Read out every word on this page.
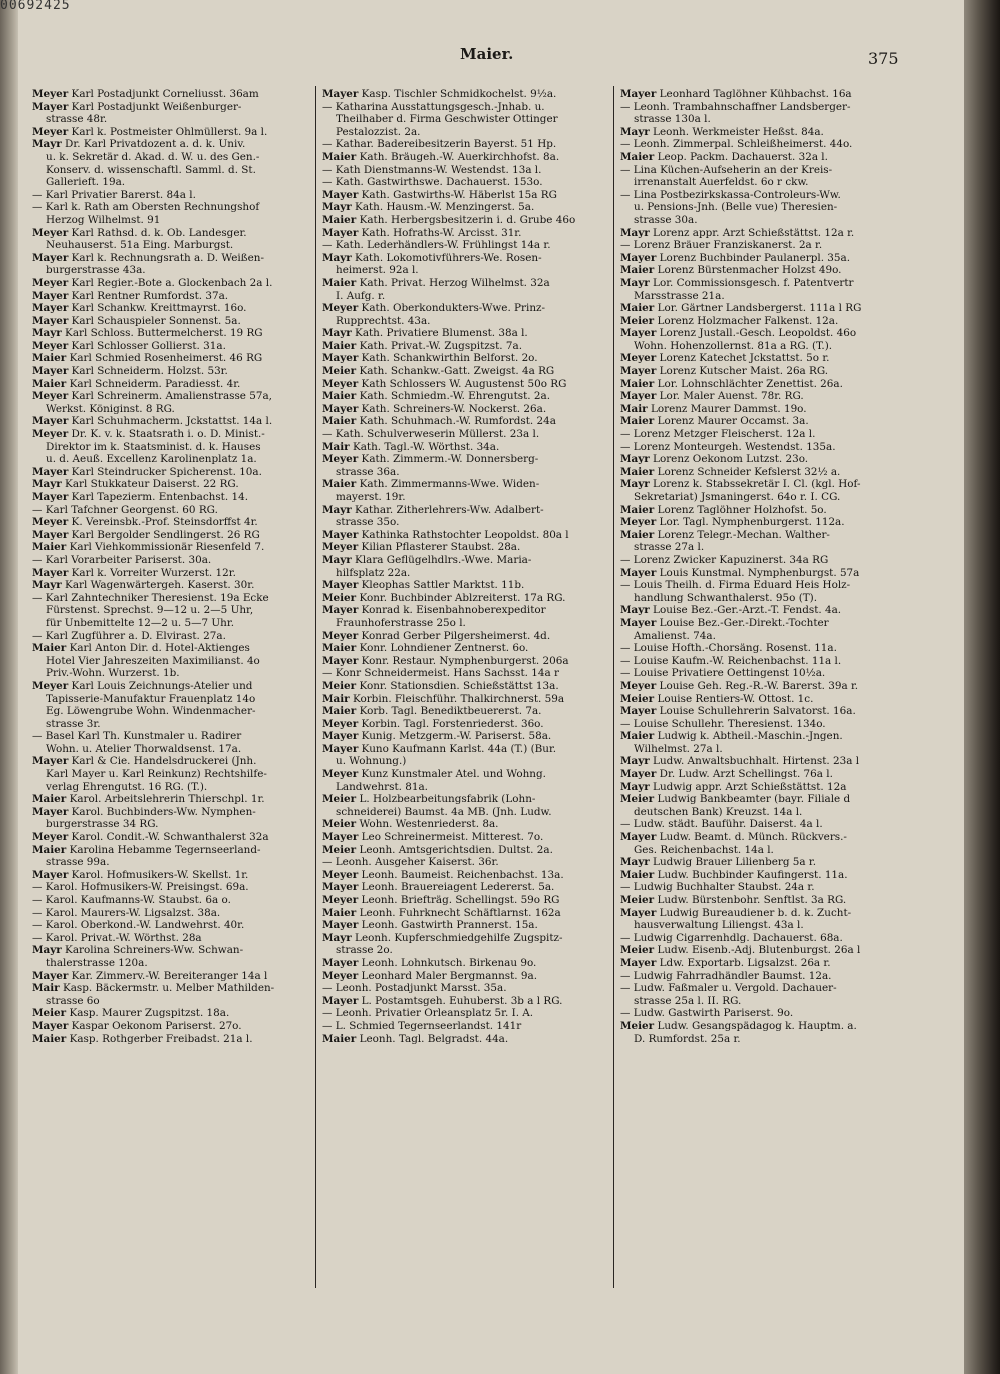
00692425
Maier.	375
Meyer Karl Postadjunkt Corneliusst. 36am
Mayer Karl Postadjunkt Weißenburger-
strasse 48r.
Meyer Karl k. Postmeister Ohlmüllerst. 9a l.
Mayr Dr. Karl Privatdozent a. d. k. Univ.
u. k. Sekretär d. Akad. d. W. u. des Gen.-
Konserv. d. wissenschaftl. Samml. d. St.
Gallerieft. 19a.
— Karl Privatier Barerst. 84a l.
— Karl k. Rath am Obersten Rechnungshof
Herzog Wilhelmst. 91
Meyer Karl Rathsd. d. k. Ob. Landesger.
Neuhauserst. 51a Eing. Marburgst.
Mayer Karl k. Rechnungsrath a. D. Weißen-
burgerstrasse 43a.
Meyer Karl Regier.-Bote a. Glockenbach 2a l.
Mayer Karl Rentner Rumfordst. 37a.
Mayer Karl Schankw. Kreittmayrst. 16o.
Mayer Karl Schauspieler Sonnenst. 5a.
Mayr Karl Schloss. Buttermelcherst. 19 RG
Meyer Karl Schlosser Gollierst. 31a.
Maier Karl Schmied Rosenheimerst. 46 RG
Mayer Karl Schneiderm. Holzst. 53r.
Maier Karl Schneiderm. Paradiesst. 4r.
Meyer Karl Schreinerm. Amalienstrasse 57a,
Werkst. Königinst. 8 RG.
Mayer Karl Schuhmacherm. Jckstattst. 14a l.
Meyer Dr. K. v. k. Staatsrath i. o. D. Minist.-
Direktor im k. Staatsminist. d. k. Hauses
u. d. Aeuß. Excellenz Karolinenplatz 1a.
Mayer Karl Steindrucker Spicherenst. 10a.
Mayr Karl Stukkateur Daiserst. 22 RG.
Mayer Karl Tapezierm. Entenbachst. 14.
— Karl Tafchner Georgenst. 60 RG.
Meyer K. Vereinsbk.-Prof. Steinsdorffst 4r.
Mayer Karl Bergolder Sendlingerst. 26 RG
Maier Karl Viehkommissionär Riesenfeld 7.
— Karl Vorarbeiter Pariserst. 30a.
Mayer Karl k. Vorreiter Wurzerst. 12r.
Mayr Karl Wagenwärtergeh. Kaserst. 30r.
— Karl Zahntechniker Theresienst. 19a Ecke
Fürstenst. Sprechst. 9—12 u. 2—5 Uhr,
für Unbemittelte 12—2 u. 5—7 Uhr.
— Karl Zugführer a. D. Elvirast. 27a.
Maier Karl Anton Dir. d. Hotel-Aktienges
Hotel Vier Jahreszeiten Maximilianst. 4o
Priv.-Wohn. Wurzerst. 1b.
Meyer Karl Louis Zeichnungs-Atelier und
Tapisserie-Manufaktur Frauenplatz 14o
Eg. Löwengrube Wohn. Windenmacher-
strasse 3r.
— Basel Karl Th. Kunstmaler u. Radirer
Wohn. u. Atelier Thorwaldsenst. 17a.
Mayer Karl & Cie. Handelsdruckerei (Jnh.
Karl Mayer u. Karl Reinkunz) Rechtshilfe-
verlag Ehrengutst. 16 RG. (T.).
Maier Karol. Arbeitslehrerin Thierschpl. 1r.
Mayer Karol. Buchbinders-Ww. Nymphen-
burgerstrasse 34 RG.
Meyer Karol. Condit.-W. Schwanthalerst 32a
Maier Karolina Hebamme Tegernseerland-
strasse 99a.
Mayer Karol. Hofmusikers-W. Skellst. 1r.
— Karol. Hofmusikers-W. Preisingst. 69a.
— Karol. Kaufmanns-W. Staubst. 6a o.
— Karol. Maurers-W. Ligsalzst. 38a.
— Karol. Oberkond.-W. Landwehrst. 40r.
— Karol. Privat.-W. Wörthst. 28a
Mayr Karolina Schreiners-Ww. Schwan-
thalerstrasse 120a.
Mayer Kar. Zimmerv.-W. Bereiteranger 14a l
Mair Kasp. Bäckermstr. u. Melber Mathilden-
strasse 6o
Meier Kasp. Maurer Zugspitzst. 18a.
Mayer Kaspar Oekonom Pariserst. 27o.
Maier Kasp. Rothgerber Freibadst. 21a l.
Mayer Kasp. Tischler Schmidkochelst. 9½a.
— Katharina Ausstattungsgesch.-Jnhab. u.
Theilhaber d. Firma Geschwister Ottinger
Pestalozzist. 2a.
— Kathar. Badereibesitzerin Bayerst. 51 Hp.
Maier Kath. Bräugeh.-W. Auerkirchhofst. 8a.
— Kath Dienstmanns-W. Westendst. 13a l.
— Kath. Gastwirthswe. Dachauerst. 153o.
Mayer Kath. Gastwirths-W. Häberlst 15a RG
Mayr Kath. Hausm.-W. Menzingerst. 5a.
Maier Kath. Herbergsbesitzerin i. d. Grube 46o
Mayer Kath. Hofraths-W. Arcisst. 31r.
— Kath. Lederhändlers-W. Frühlingst 14a r.
Mayr Kath. Lokomotivführers-We. Rosen-
heimerst. 92a l.
Maier Kath. Privat. Herzog Wilhelmst. 32a
I. Aufg. r.
Meyer Kath. Oberkonduktеrs-Wwe. Prinz-
Rupprechtst. 43a.
Mayr Kath. Privatiere Blumenst. 38a l.
Maier Kath. Privat.-W. Zugspitzst. 7a.
Mayer Kath. Schankwirthin Belforst. 2o.
Meier Kath. Schankw.-Gatt. Zweigst. 4a RG
Meyer Kath Schlossers W. Augustenst 50o RG
Maier Kath. Schmiedm.-W. Ehrengutst. 2a.
Mayer Kath. Schreiners-W. Nockerst. 26a.
Maier Kath. Schuhmach.-W. Rumfordst. 24a
— Kath. Schulverweserin Müllerst. 23a l.
Mair Kath. Tagl.-W. Wörthst. 34a.
Meyer Kath. Zimmerm.-W. Donnersberg-
strasse 36a.
Maier Kath. Zimmermanns-Wwe. Widen-
mayerst. 19r.
Mayr Kathar. Zitherlehrers-Ww. Adalbert-
strasse 35o.
Mayer Kathinka Rathstochter Leopoldst. 80a l
Meyer Kilian Pflasterer Staubst. 28a.
Mayr Klara Geflügelhdlrs.-Wwe. Maria-
hilfsplatz 22a.
Mayer Kleophas Sattler Marktst. 11b.
Meier Konr. Buchbinder Ablzreiterst. 17a RG.
Mayer Konrad k. Eisenbahnoberexpeditor
Fraunhoferstrasse 25o l.
Meyer Konrad Gerber Pilgersheimerst. 4d.
Maier Konr. Lohndiener Zentnerst. 6o.
Mayer Konr. Restaur. Nymphenburgerst. 206a
— Konr Schneidermeist. Hans Sachsst. 14a r
Meier Konr. Stationsdien. Schießstättst 13a.
Mair Korbin. Fleischführ. Thalkirchnerst. 59a
Maier Korb. Tagl. Benediktbeuererst. 7a.
Meyer Korbin. Tagl. Forstenriederst. 36o.
Mayer Kunig. Metzgerm.-W. Pariserst. 58a.
Mayer Kuno Kaufmann Karlst. 44a (T.) (Bur.
u. Wohnung.)
Meyer Kunz Kunstmaler Atel. und Wohng.
Landwehrst. 81a.
Meier L. Holzbearbeitungsfabrik (Lohn-
schneiderei) Baumst. 4a MB. (Jnh. Ludw.
Meier Wohn. Westenriederst. 8a.
Mayer Leo Schreinermeist. Mitterest. 7o.
Meier Leonh. Amtsgerichtsdien. Dultst. 2a.
— Leonh. Ausgeher Kaiserst. 36r.
Meyer Leonh. Baumeist. Reichenbachst. 13a.
Mayer Leonh. Brauereiagent Ledererst. 5a.
Meyer Leonh. Briefträg. Schellingst. 59o RG
Maier Leonh. Fuhrknecht Schäftlarnst. 162a
Mayer Leonh. Gastwirth Prannerst. 15a.
Mayr Leonh. Kupferschmiedgehilfe Zugspitz-
strasse 2o.
Mayer Leonh. Lohnkutsch. Birkenau 9o.
Meyer Leonhard Maler Bergmannst. 9a.
— Leonh. Postadjunkt Marsst. 35a.
Mayer L. Postamtsgeh. Euhuberst. 3b a l RG.
— Leonh. Privatier Orleansplatz 5r. I. A.
— L. Schmied Tegernseerlandst. 141r
Maier Leonh. Tagl. Belgradst. 44a.
Mayer Leonhard Taglöhner Kühbachst. 16a
— Leonh. Trambahnschaffner Landsberger-
strasse 130a l.
Mayr Leonh. Werkmeister Heßst. 84a.
— Leonh. Zimmerpal. Schleißheimerst. 44o.
Maier Leop. Packm. Dachauerst. 32a l.
— Lina Küchen-Aufseherin an der Kreis-
irrenanstalt Auerfeldst. 6o r ckw.
— Lina Postbezirkskassa-Controleurs-Ww.
u. Pensions-Jnh. (Belle vue) Theresien-
strasse 30a.
Mayr Lorenz appr. Arzt Schießstättst. 12a r.
— Lorenz Bräuer Franziskanerst. 2a r.
Mayer Lorenz Buchbinder Paulanerpl. 35a.
Maier Lorenz Bürstenmacher Holzst 49o.
Mayr Lor. Commissionsgesch. f. Patentvertr
Marsstrasse 21a.
Maier Lor. Gärtner Landsbergerst. 111a l RG
Meier Lorenz Holzmacher Falkenst. 12a.
Mayer Lorenz Justall.-Gesch. Leopoldst. 46o
Wohn. Hohenzollernst. 81a a RG. (T.).
Meyer Lorenz Katechet Jckstattst. 5o r.
Mayer Lorenz Kutscher Maist. 26a RG.
Maier Lor. Lohnschlächter Zenettist. 26a.
Mayer Lor. Maler Auenst. 78r. RG.
Mair Lorenz Maurer Dammst. 19o.
Maier Lorenz Maurer Occamst. 3a.
— Lorenz Metzger Fleischerst. 12a l.
— Lorenz Monteurgeh. Westendst. 135a.
Mayr Lorenz Oekonom Lutzst. 23o.
Maier Lorenz Schneider Kefslerst 32½ a.
Mayr Lorenz k. Stabssekretär I. Cl. (kgl. Hof-
Sekretariat) Jsmaningerst. 64o r. I. CG.
Maier Lorenz Taglöhner Holzhofst. 5o.
Meyer Lor. Tagl. Nymphenburgerst. 112a.
Maier Lorenz Telegr.-Mechan. Walther-
strasse 27a l.
— Lorenz Zwicker Kapuzinerst. 34a RG
Mayer Louis Kunstmal. Nymphenburgst. 57a
— Louis Theilh. d. Firma Eduard Heis Holz-
handlung Schwanthalerst. 95o (T).
Mayr Louise Bez.-Ger.-Arzt.-T. Fendst. 4a.
Mayer Louise Bez.-Ger.-Direkt.-Tochter
Amalienst. 74a.
— Louise Hofth.-Chorsäng. Rosenst. 11a.
— Louise Kaufm.-W. Reichenbachst. 11a l.
— Louise Privatiere Oettingenst 10½a.
Meyer Louise Geh. Reg.-R.-W. Barerst. 39a r.
Meier Louise Rentiers-W. Ottost. 1c.
Mayer Louise Schullehrerin Salvatorst. 16a.
— Louise Schullehr. Theresienst. 134o.
Maier Ludwig k. Abtheil.-Maschin.-Jngen.
Wilhelmst. 27a l.
Mayr Ludw. Anwaltsbuchhalt. Hirtenst. 23a l
Mayer Dr. Ludw. Arzt Schellingst. 76a l.
Mayr Ludwig appr. Arzt Schießstättst. 12a
Meier Ludwig Bankbeamter (bayr. Filiale d
deutschen Bank) Kreuzst. 14a l.
— Ludw. städt. Bauführ. Daiserst. 4a l.
Mayer Ludw. Beamt. d. Münch. Rückvers.-
Ges. Reichenbachst. 14a l.
Mayr Ludwig Brauer Lilienberg 5a r.
Maier Ludw. Buchbinder Kaufingerst. 11a.
— Ludwig Buchhalter Staubst. 24a r.
Meier Ludw. Bürstenbohr. Senftlst. 3a RG.
Mayer Ludwig Bureaudiener b. d. k. Zucht-
hausverwaltung Liliengst. 43a l.
— Ludwig Cigarrenhdlg. Dachauerst. 68a.
Meier Ludw. Eisenb.-Adj. Blutenburgst. 26a l
Mayer Ldw. Exportarb. Ligsalzst. 26a r.
— Ludwig Fahrradhändler Baumst. 12a.
— Ludw. Faßmaler u. Vergold. Dachauer-
strasse 25a l. II. RG.
— Ludw. Gastwirth Pariserst. 9o.
Meier Ludw. Gesangspädagog k. Hauptm. a.
D. Rumfordst. 25a r.
